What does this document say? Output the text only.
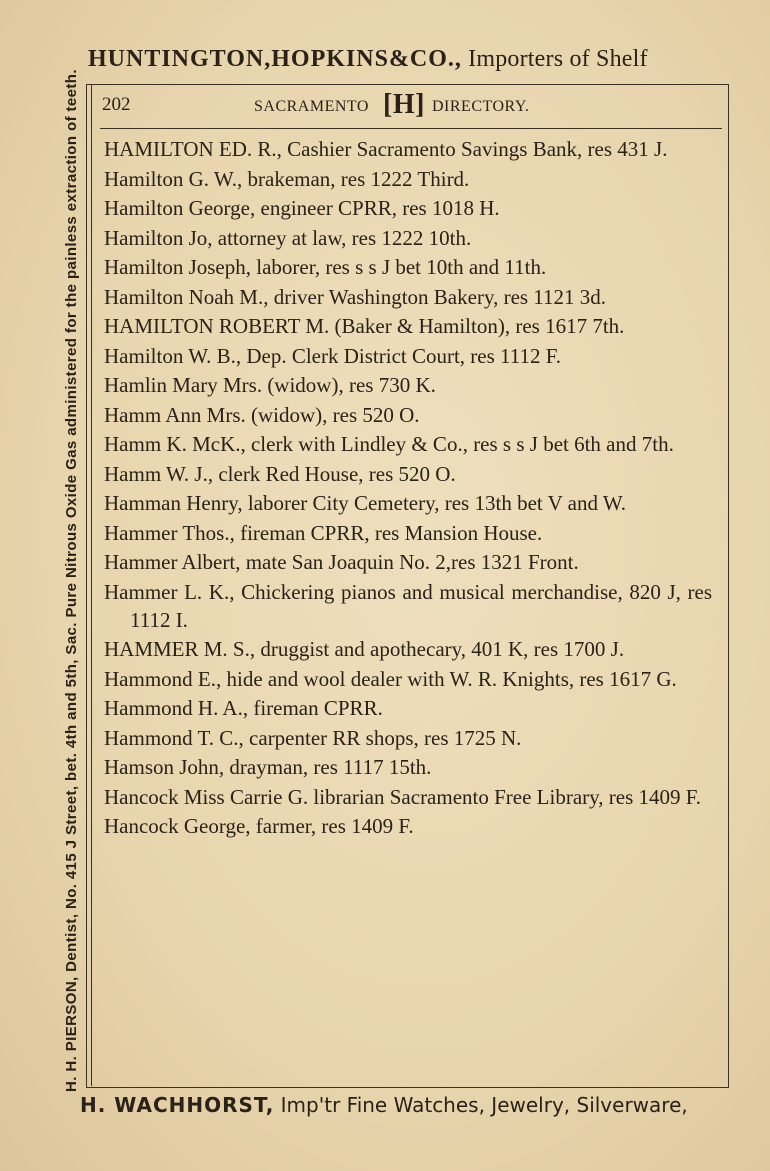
HUNTINGTON,HOPKINS&CO., Importers of Shelf
H. H. PIERSON, Dentist, No. 415 J Street, bet. 4th and 5th, Sac. Pure Nitrous Oxide Gas administered for the painless extraction of teeth.	202	SACRAMENTO [H] DIRECTORY.
HAMILTON ED. R., Cashier Sacramento Savings Bank, res 431 J.
Hamilton G. W., brakeman, res 1222 Third.
Hamilton George, engineer CPRR, res 1018 H.
Hamilton Jo, attorney at law, res 1222 10th.
Hamilton Joseph, laborer, res s s J bet 10th and 11th.
Hamilton Noah M., driver Washington Bakery, res 1121 3d.
HAMILTON ROBERT M. (Baker & Hamilton), res 1617 7th.
Hamilton W. B., Dep. Clerk District Court, res 1112 F.
Hamlin Mary Mrs. (widow), res 730 K.
Hamm Ann Mrs. (widow), res 520 O.
Hamm K. McK., clerk with Lindley & Co., res s s J bet 6th and 7th.
Hamm W. J., clerk Red House, res 520 O.
Hamman Henry, laborer City Cemetery, res 13th bet V and W.
Hammer Thos., fireman CPRR, res Mansion House.
Hammer Albert, mate San Joaquin No. 2,res 1321 Front.
Hammer L. K., Chickering pianos and musical merchandise, 820 J, res 1112 I.
HAMMER M. S., druggist and apothecary, 401 K, res 1700 J.
Hammond E., hide and wool dealer with W. R. Knights, res 1617 G.
Hammond H. A., fireman CPRR.
Hammond T. C., carpenter RR shops, res 1725 N.
Hamson John, drayman, res 1117 15th.
Hancock Miss Carrie G. librarian Sacramento Free Library, res 1409 F.
Hancock George, farmer, res 1409 F.
H. WACHHORST, Imp'tr Fine Watches, Jewelry, Silverware,
